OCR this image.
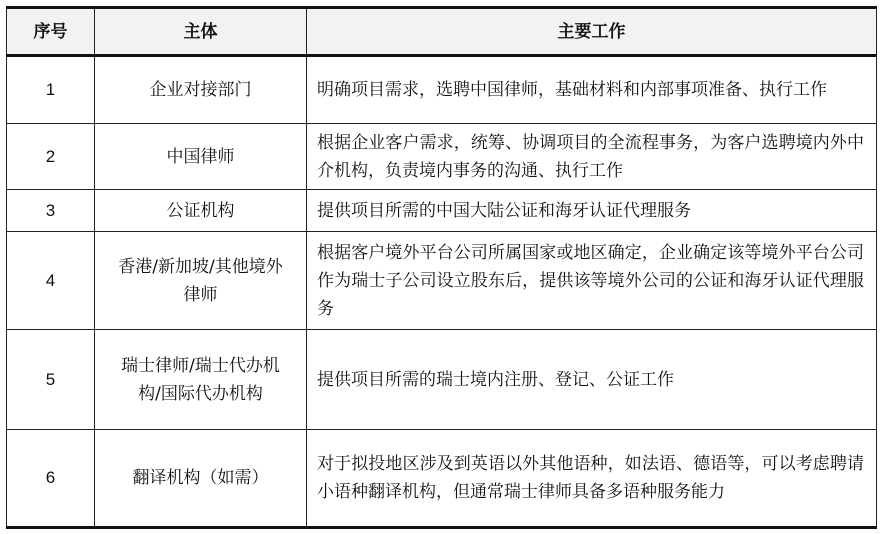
序号	主体	主要工作
1	企业对接部门	明确项目需求，选聘中国律师，基础材料和内部事项准备、执行工作
2	中国律师	根据企业客户需求，统筹、协调项目的全流程事务，为客户选聘境内外中介机构，负责境内事务的沟通、执行工作
3	公证机构	提供项目所需的中国大陆公证和海牙认证代理服务
4	香港/新加坡/其他境外律师	根据客户境外平台公司所属国家或地区确定，企业确定该等境外平台公司作为瑞士子公司设立股东后，提供该等境外公司的公证和海牙认证代理服务
5	瑞士律师/瑞士代办机构/国际代办机构	提供项目所需的瑞士境内注册、登记、公证工作
6	翻译机构（如需）	对于拟投地区涉及到英语以外其他语种，如法语、德语等，可以考虑聘请小语种翻译机构，但通常瑞士律师具备多语种服务能力
